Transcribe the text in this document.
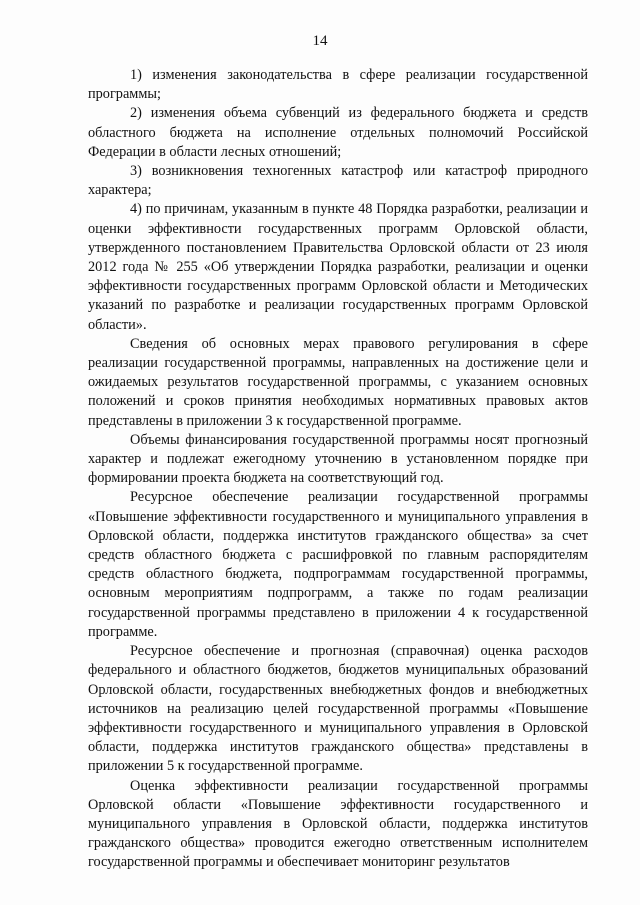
14

1) изменения законодательства в сфере реализации государственной программы;

2) изменения объема субвенций из федерального бюджета и средств областного бюджета на исполнение отдельных полномочий Российской Федерации в области лесных отношений;

3) возникновения техногенных катастроф или катастроф природного характера;

4) по причинам, указанным в пункте 48 Порядка разработки, реализации и оценки эффективности государственных программ Орловской области, утвержденного постановлением Правительства Орловской области от 23 июля 2012 года № 255 «Об утверждении Порядка разработки, реализации и оценки эффективности государственных программ Орловской области и Методических указаний по разработке и реализации государственных программ Орловской области».

Сведения об основных мерах правового регулирования в сфере реализации государственной программы, направленных на достижение цели и ожидаемых результатов государственной программы, с указанием основных положений и сроков принятия необходимых нормативных правовых актов представлены в приложении 3 к государственной программе.

Объемы финансирования государственной программы носят прогнозный характер и подлежат ежегодному уточнению в установленном порядке при формировании проекта бюджета на соответствующий год.

Ресурсное обеспечение реализации государственной программы «Повышение эффективности государственного и муниципального управления в Орловской области, поддержка институтов гражданского общества» за счет средств областного бюджета с расшифровкой по главным распорядителям средств областного бюджета, подпрограммам государственной программы, основным мероприятиям подпрограмм, а также по годам реализации государственной программы представлено в приложении 4 к государственной программе.

Ресурсное обеспечение и прогнозная (справочная) оценка расходов федерального и областного бюджетов, бюджетов муниципальных образований Орловской области, государственных внебюджетных фондов и внебюджетных источников на реализацию целей государственной программы «Повышение эффективности государственного и муниципального управления в Орловской области, поддержка институтов гражданского общества» представлены в приложении 5 к государственной программе.

Оценка эффективности реализации государственной программы Орловской области «Повышение эффективности государственного и муниципального управления в Орловской области, поддержка институтов гражданского общества» проводится ежегодно ответственным исполнителем государственной программы и обеспечивает мониторинг результатов
